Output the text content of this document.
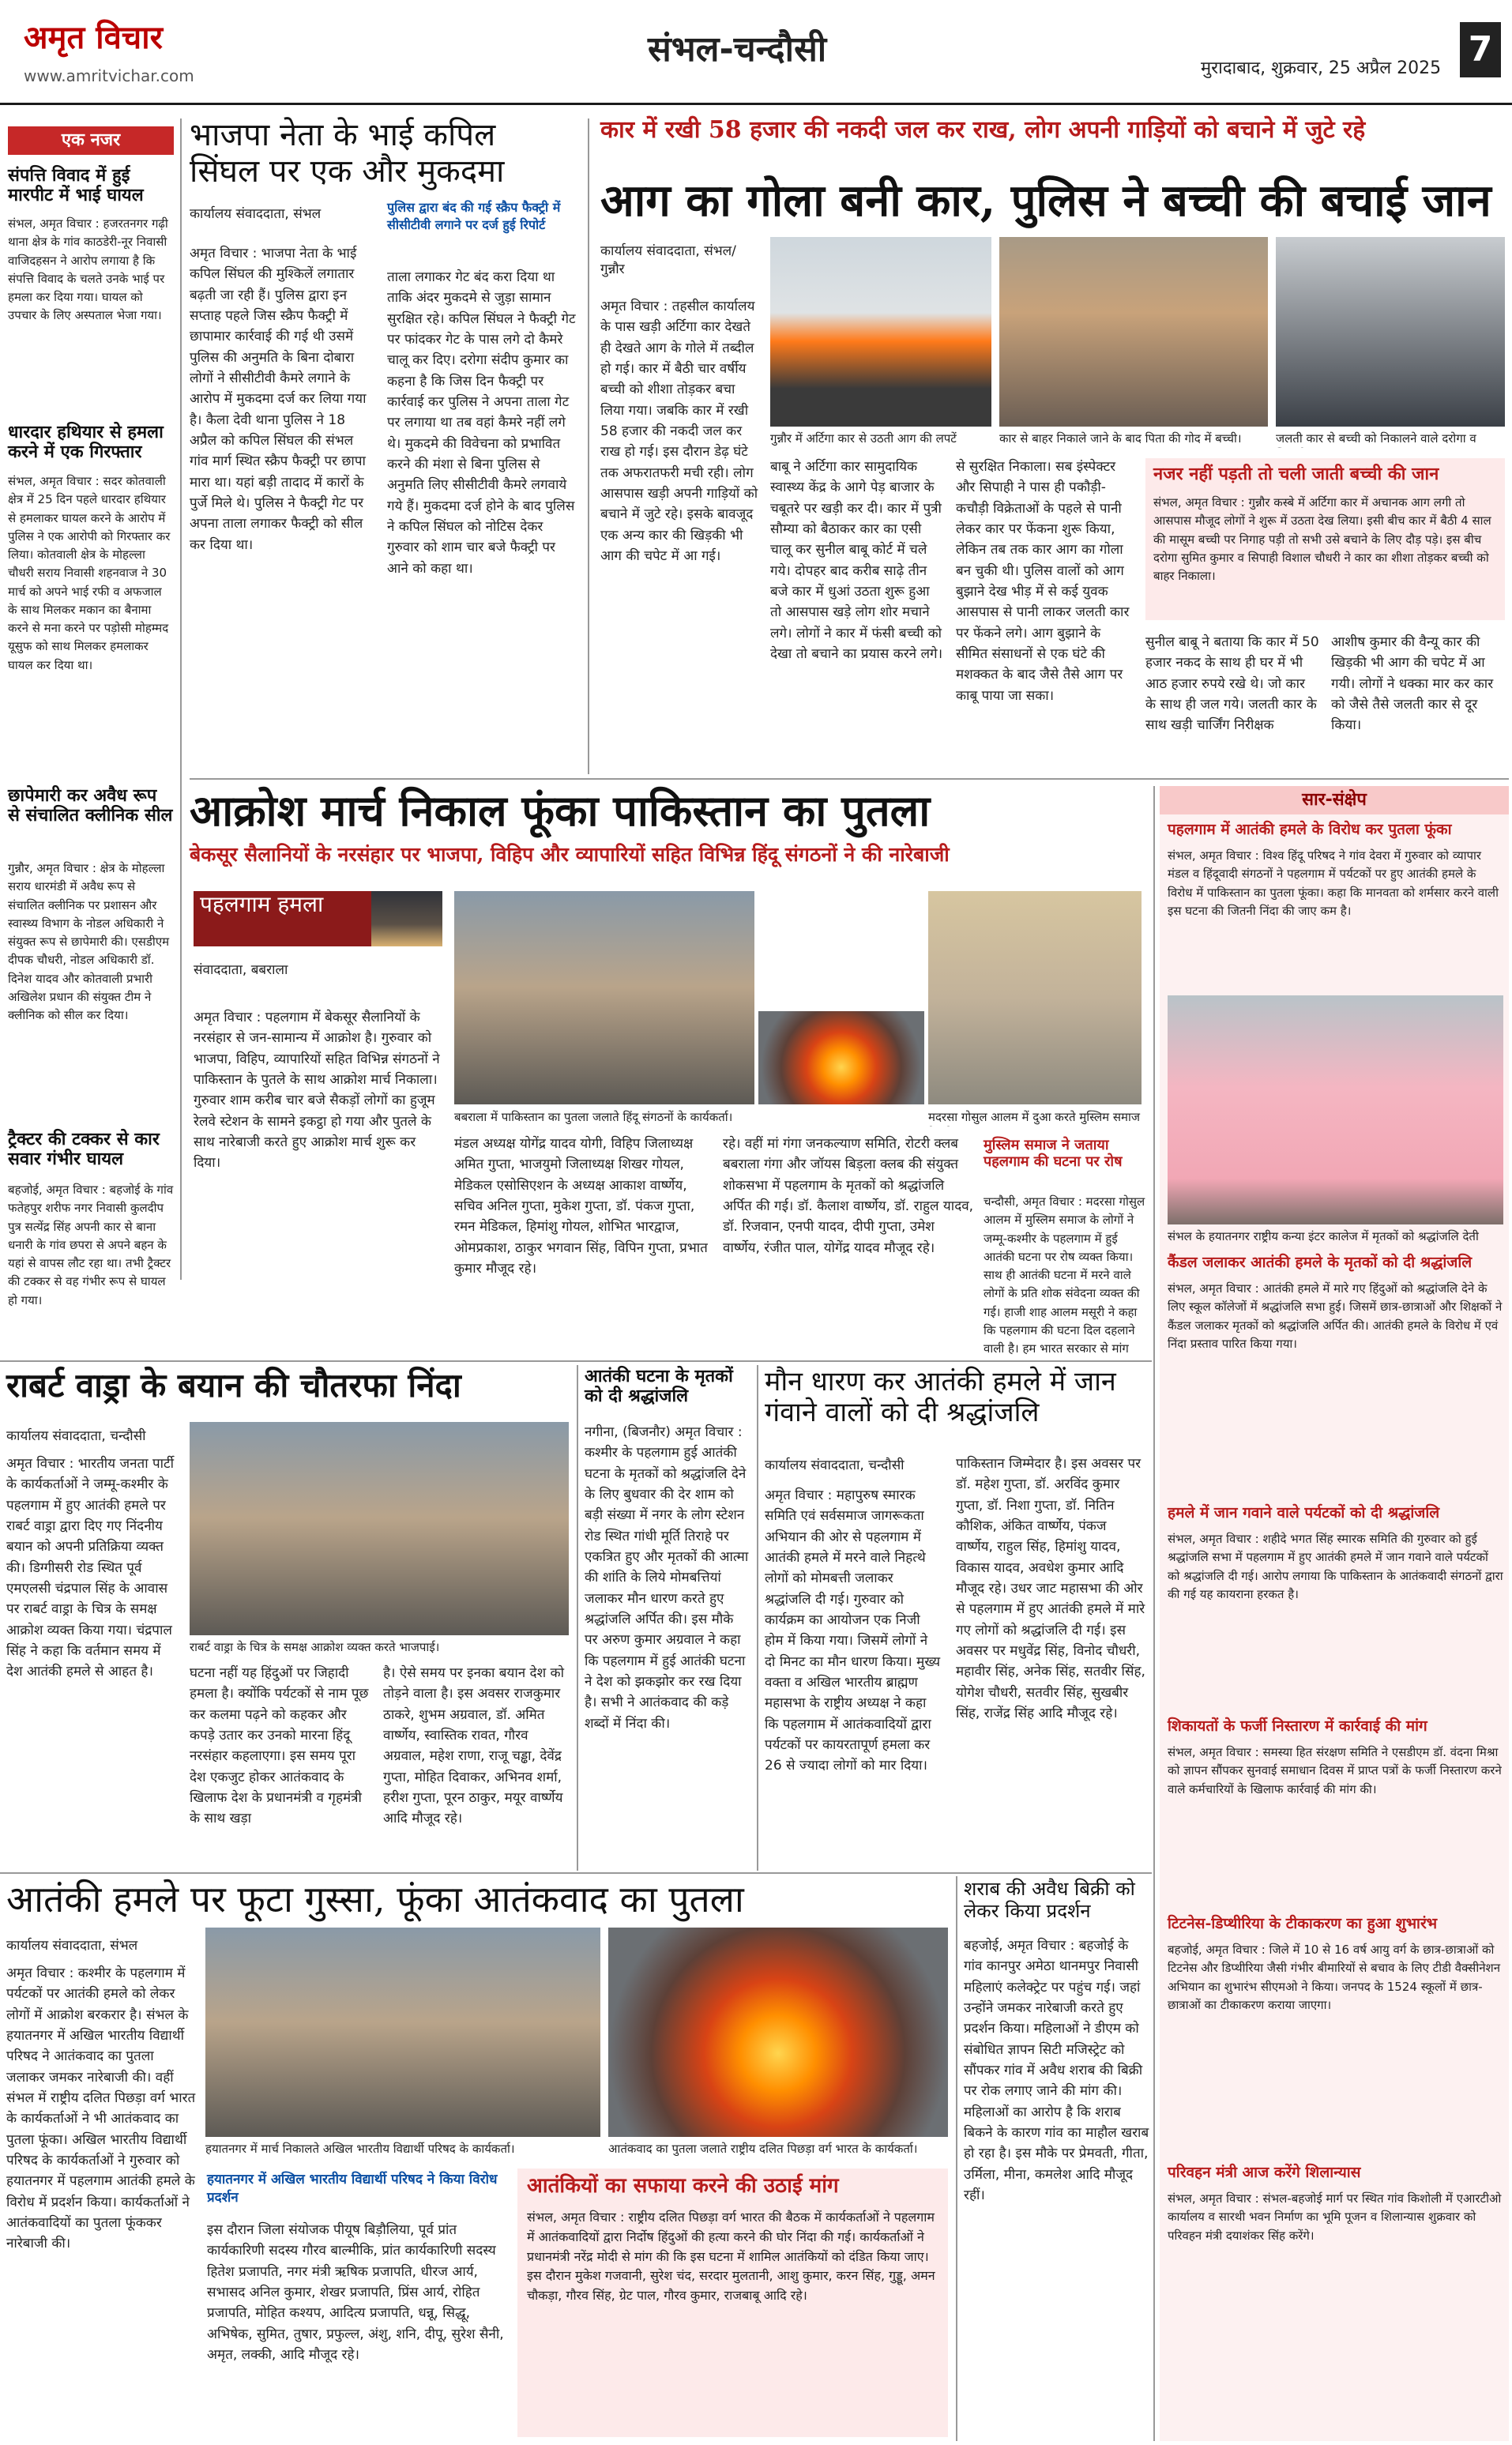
अमृत विचार
www.amritvichar.com
संभल-चन्दौसी	मुरादाबाद, शुक्रवार, 25 अप्रैल 2025 7
एक नजर
संपत्ति विवाद में हुई मारपीट में भाई घायल
संभल, अमृत विचार : हजरतनगर गढ़ी थाना क्षेत्र के गांव काठडेरी-नूर निवासी वाजिदहसन ने आरोप लगाया है कि संपत्ति विवाद के चलते उनके भाई पर हमला कर दिया गया। घायल को उपचार के लिए अस्पताल भेजा गया।
धारदार हथियार से हमला करने में एक गिरफ्तार
संभल, अमृत विचार : सदर कोतवाली क्षेत्र में 25 दिन पहले धारदार हथियार से हमलाकर घायल करने के आरोप में पुलिस ने एक आरोपी को गिरफ्तार कर लिया। कोतवाली क्षेत्र के मोहल्ला चौधरी सराय निवासी शहनवाज ने 30 मार्च को अपने भाई रफी व अफजाल के साथ मिलकर मकान का बैनामा करने से मना करने पर पड़ोसी मोहम्मद यूसुफ को साथ मिलकर हमलाकर घायल कर दिया था।
छापेमारी कर अवैध रूप से संचालित क्लीनिक सील
गुन्नौर, अमृत विचार : क्षेत्र के मोहल्ला सराय धारमंडी में अवैध रूप से संचालित क्लीनिक पर प्रशासन और स्वास्थ्य विभाग के नोडल अधिकारी ने संयुक्त रूप से छापेमारी की। एसडीएम दीपक चौधरी, नोडल अधिकारी डॉ. दिनेश यादव और कोतवाली प्रभारी अखिलेश प्रधान की संयुक्त टीम ने क्लीनिक को सील कर दिया।
ट्रैक्टर की टक्कर से कार सवार गंभीर घायल
बहजोई, अमृत विचार : बहजोई के गांव फतेहपुर शरीफ नगर निवासी कुलदीप पुत्र सत्येंद्र सिंह अपनी कार से बाना धनारी के गांव छपरा से अपने बहन के यहां से वापस लौट रहा था। तभी ट्रैक्टर की टक्कर से वह गंभीर रूप से घायल हो गया।
भाजपा नेता के भाई कपिल सिंघल पर एक और मुकदमा
कार्यालय संवाददाता, संभल	पुलिस द्वारा बंद की गई स्क्रैप फैक्ट्री में सीसीटीवी लगाने पर दर्ज हुई रिपोर्ट
अमृत विचार : भाजपा नेता के भाई कपिल सिंघल की मुश्किलें लगातार बढ़ती जा रही हैं। पुलिस द्वारा इन सप्ताह पहले जिस स्क्रैप फैक्ट्री में छापामार कार्रवाई की गई थी उसमें पुलिस की अनुमति के बिना दोबारा लोगों ने सीसीटीवी कैमरे लगाने के आरोप में मुकदमा दर्ज कर लिया गया है। कैला देवी थाना पुलिस ने 18 अप्रैल को कपिल सिंघल की संभल गांव मार्ग स्थित स्क्रैप फैक्ट्री पर छापा मारा था। यहां बड़ी तादाद में कारों के पुर्जे मिले थे। पुलिस ने फैक्ट्री गेट पर अपना ताला लगाकर फैक्ट्री को सील कर दिया था।
ताला लगाकर गेट बंद करा दिया था ताकि अंदर मुकदमे से जुड़ा सामान सुरक्षित रहे। कपिल सिंघल ने फैक्ट्री गेट पर फांदकर गेट के पास लगे दो कैमरे चालू कर दिए। दरोगा संदीप कुमार का कहना है कि जिस दिन फैक्ट्री पर कार्रवाई कर पुलिस ने अपना ताला गेट पर लगाया था तब वहां कैमरे नहीं लगे थे। मुकदमे की विवेचना को प्रभावित करने की मंशा से बिना पुलिस से अनुमति लिए सीसीटीवी कैमरे लगवाये गये हैं। मुकदमा दर्ज होने के बाद पुलिस ने कपिल सिंघल को नोटिस देकर गुरुवार को शाम चार बजे फैक्ट्री पर आने को कहा था।
कार में रखी 58 हजार की नकदी जल कर राख, लोग अपनी गाड़ियों को बचाने में जुटे रहे
आग का गोला बनी कार, पुलिस ने बच्ची की बचाई जान
कार्यालय संवाददाता, संभल/गुन्नौर
अमृत विचार : तहसील कार्यालय के पास खड़ी अर्टिगा कार देखते ही देखते आग के गोले में तब्दील हो गई। कार में बैठी चार वर्षीय बच्ची को शीशा तोड़कर बचा लिया गया। जबकि कार में रखी 58 हजार की नकदी जल कर राख हो गई। इस दौरान डेढ़ घंटे तक अफरातफरी मची रही। लोग आसपास खड़ी अपनी गाड़ियों को बचाने में जुटे रहे। इसके बावजूद एक अन्य कार की खिड़की भी आग की चपेट में आ गई।
गुन्नौर में अर्टिगा कार से उठती आग की लपटें	कार से बाहर निकाले जाने के बाद पिता की गोद में बच्ची।	जलती कार से बच्ची को निकालने वाले दरोगा व
बाबू ने अर्टिगा कार सामुदायिक स्वास्थ्य केंद्र के आगे पेड़ बाजार के चबूतरे पर खड़ी कर दी। कार में पुत्री सौम्या को बैठाकर कार का एसी चालू कर सुनील बाबू कोर्ट में चले गये। दोपहर बाद करीब साढ़े तीन बजे कार में धुआं उठता शुरू हुआ तो आसपास खड़े लोग शोर मचाने लगे। लोगों ने कार में फंसी बच्ची को देखा तो बचाने का प्रयास करने लगे।
से सुरक्षित निकाला। सब इंस्पेक्टर और सिपाही ने पास ही पकौड़ी-कचौड़ी विक्रेताओं के पहले से पानी लेकर कार पर फेंकना शुरू किया, लेकिन तब तक कार आग का गोला बन चुकी थी। पुलिस वालों को आग बुझाने देख भीड़ में से कई युवक आसपास से पानी लाकर जलती कार पर फेंकने लगे। आग बुझाने के सीमित संसाधनों से एक घंटे की मशक्कत के बाद जैसे तैसे आग पर काबू पाया जा सका।
नजर नहीं पड़ती तो चली जाती बच्ची की जान
संभल, अमृत विचार : गुन्नौर कस्बे में अर्टिगा कार में अचानक आग लगी तो आसपास मौजूद लोगों ने शुरू में उठता देख लिया। इसी बीच कार में बैठी 4 साल की मासूम बच्ची पर निगाह पड़ी तो सभी उसे बचाने के लिए दौड़ पड़े। इस बीच दरोगा सुमित कुमार व सिपाही विशाल चौधरी ने कार का शीशा तोड़कर बच्ची को बाहर निकाला।
सुनील बाबू ने बताया कि कार में 50 हजार नकद के साथ ही घर में भी आठ हजार रुपये रखे थे। जो कार के साथ ही जल गये। जलती कार के साथ खड़ी चार्जिंग निरीक्षक
आशीष कुमार की वैन्यू कार की खिड़की भी आग की चपेट में आ गयी। लोगों ने धक्का मार कर कार को जैसे तैसे जलती कार से दूर किया।
आक्रोश मार्च निकाल फूंका पाकिस्तान का पुतला
बेकसूर सैलानियों के नरसंहार पर भाजपा, विहिप और व्यापारियों सहित विभिन्न हिंदू संगठनों ने की नारेबाजी
पहलगाम हमला
संवाददाता, बबराला
बबराला में पाकिस्तान का पुतला जलाते हिंदू संगठनों के कार्यकर्ता।
अमृत विचार : पहलगाम में बेकसूर सैलानियों के नरसंहार से जन-सामान्य में आक्रोश है। गुरुवार को भाजपा, विहिप, व्यापारियों सहित विभिन्न संगठनों ने पाकिस्तान के पुतले के साथ आक्रोश मार्च निकाला। गुरुवार शाम करीब चार बजे सैकड़ों लोगों का हुजूम रेलवे स्टेशन के सामने इकट्ठा हो गया और पुतले के साथ नारेबाजी करते हुए आक्रोश मार्च शुरू कर दिया।
मंडल अध्यक्ष योगेंद्र यादव योगी, विहिप जिलाध्यक्ष अमित गुप्ता, भाजयुमो जिलाध्यक्ष शिखर गोयल, मेडिकल एसोसिएशन के अध्यक्ष आकाश वार्ष्णेय, सचिव अनिल गुप्ता, मुकेश गुप्ता, डॉ. पंकज गुप्ता, रमन मेडिकल, हिमांशु गोयल, शोभित भारद्वाज, ओमप्रकाश, ठाकुर भगवान सिंह, विपिन गुप्ता, प्रभात कुमार मौजूद रहे।
रहे। वहीं मां गंगा जनकल्याण समिति, रोटरी क्लब बबराला गंगा और जॉयस बिड़ला क्लब की संयुक्त शोकसभा में पहलगाम के मृतकों को श्रद्धांजलि अर्पित की गई। डॉ. कैलाश वार्ष्णेय, डॉ. राहुल यादव, डॉ. रिजवान, एनपी यादव, दीपी गुप्ता, उमेश वार्ष्णेय, रंजीत पाल, योगेंद्र यादव मौजूद रहे।
मदरसा गोसुल आलम में दुआ करते मुस्लिम समाज
मुस्लिम समाज ने जताया पहलगाम की घटना पर रोष
चन्दौसी, अमृत विचार : मदरसा गोसुल आलम में मुस्लिम समाज के लोगों ने जम्मू-कश्मीर के पहलगाम में हुई आतंकी घटना पर रोष व्यक्त किया। साथ ही आतंकी घटना में मरने वाले लोगों के प्रति शोक संवेदना व्यक्त की गई। हाजी शाह आलम मसूरी ने कहा कि पहलगाम की घटना दिल दहलाने वाली है। हम भारत सरकार से मांग
सार-संक्षेप
पहलगाम में आतंकी हमले के विरोध कर पुतला फूंका
संभल, अमृत विचार : विश्व हिंदू परिषद ने गांव देवरा में गुरुवार को व्यापार मंडल व हिंदूवादी संगठनों ने पहलगाम में पर्यटकों पर हुए आतंकी हमले के विरोध में पाकिस्तान का पुतला फूंका। कहा कि मानवता को शर्मसार करने वाली इस घटना की जितनी निंदा की जाए कम है।
संभल के हयातनगर राष्ट्रीय कन्या इंटर कालेज में मृतकों को श्रद्धांजलि देती
कैंडल जलाकर आतंकी हमले के मृतकों को दी श्रद्धांजलि
संभल, अमृत विचार : आतंकी हमले में मारे गए हिंदुओं को श्रद्धांजलि देने के लिए स्कूल कॉलेजों में श्रद्धांजलि सभा हुई। जिसमें छात्र-छात्राओं और शिक्षकों ने कैंडल जलाकर मृतकों को श्रद्धांजलि अर्पित की। आतंकी हमले के विरोध में एवं निंदा प्रस्ताव पारित किया गया।
हमले में जान गवाने वाले पर्यटकों को दी श्रद्धांजलि
संभल, अमृत विचार : शहीदे भगत सिंह स्मारक समिति की गुरुवार को हुई श्रद्धांजलि सभा में पहलगाम में हुए आतंकी हमले में जान गवाने वाले पर्यटकों को श्रद्धांजलि दी गई। आरोप लगाया कि पाकिस्तान के आतंकवादी संगठनों द्वारा की गई यह कायराना हरकत है।
शिकायतों के फर्जी निस्तारण में कार्रवाई की मांग
संभल, अमृत विचार : समस्या हित संरक्षण समिति ने एसडीएम डॉ. वंदना मिश्रा को ज्ञापन सौंपकर सुनवाई समाधान दिवस में प्राप्त पत्रों के फर्जी निस्तारण करने वाले कर्मचारियों के खिलाफ कार्रवाई की मांग की।
टिटनेस-डिप्थीरिया के टीकाकरण का हुआ शुभारंभ
बहजोई, अमृत विचार : जिले में 10 से 16 वर्ष आयु वर्ग के छात्र-छात्राओं को टिटनेस और डिप्थीरिया जैसी गंभीर बीमारियों से बचाव के लिए टीडी वैक्सीनेशन अभियान का शुभारंभ सीएमओ ने किया। जनपद के 1524 स्कूलों में छात्र-छात्राओं का टीकाकरण कराया जाएगा।
परिवहन मंत्री आज करेंगे शिलान्यास
संभल, अमृत विचार : संभल-बहजोई मार्ग पर स्थित गांव किशोली में एआरटीओ कार्यालय व सारथी भवन निर्माण का भूमि पूजन व शिलान्यास शुक्रवार को परिवहन मंत्री दयाशंकर सिंह करेंगे।
राबर्ट वाड्रा के बयान की चौतरफा निंदा
कार्यालय संवाददाता, चन्दौसी
अमृत विचार : भारतीय जनता पार्टी के कार्यकर्ताओं ने जम्मू-कश्मीर के पहलगाम में हुए आतंकी हमले पर राबर्ट वाड्रा द्वारा दिए गए निंदनीय बयान को अपनी प्रतिक्रिया व्यक्त की। डिग्गीसरी रोड स्थित पूर्व एमएलसी चंद्रपाल सिंह के आवास पर राबर्ट वाड्रा के चित्र के समक्ष आक्रोश व्यक्त किया गया। चंद्रपाल सिंह ने कहा कि वर्तमान समय में देश आतंकी हमले से आहत है।
राबर्ट वाड्रा के चित्र के समक्ष आक्रोश व्यक्त करते भाजपाई।
घटना नहीं यह हिंदुओं पर जिहादी हमला है। क्योंकि पर्यटकों से नाम पूछ कर कलमा पढ़ने को कहकर और कपड़े उतार कर उनको मारना हिंदू नरसंहार कहलाएगा। इस समय पूरा देश एकजुट होकर आतंकवाद के खिलाफ देश के प्रधानमंत्री व गृहमंत्री के साथ खड़ा
है। ऐसे समय पर इनका बयान देश को तोड़ने वाला है। इस अवसर राजकुमार ठाकरे, शुभम अग्रवाल, डॉ. अमित वार्ष्णेय, स्वास्तिक रावत, गौरव अग्रवाल, महेश राणा, राजू चड्ढा, देवेंद्र गुप्ता, मोहित दिवाकर, अभिनव शर्मा, हरीश गुप्ता, पूरन ठाकुर, मयूर वार्ष्णेय आदि मौजूद रहे।
आतंकी घटना के मृतकों को दी श्रद्धांजलि
नगीना, (बिजनौर) अमृत विचार : कश्मीर के पहलगाम हुई आतंकी घटना के मृतकों को श्रद्धांजलि देने के लिए बुधवार की देर शाम को बड़ी संख्या में नगर के लोग स्टेशन रोड स्थित गांधी मूर्ति तिराहे पर एकत्रित हुए और मृतकों की आत्मा की शांति के लिये मोमबत्तियां जलाकर मौन धारण करते हुए श्रद्धांजलि अर्पित की। इस मौके पर अरुण कुमार अग्रवाल ने कहा कि पहलगाम में हुई आतंकी घटना ने देश को झकझोर कर रख दिया है। सभी ने आतंकवाद की कड़े शब्दों में निंदा की।
मौन धारण कर आतंकी हमले में जान गंवाने वालों को दी श्रद्धांजलि
कार्यालय संवाददाता, चन्दौसी
अमृत विचार : महापुरुष स्मारक समिति एवं सर्वसमाज जागरूकता अभियान की ओर से पहलगाम में आतंकी हमले में मरने वाले निहत्थे लोगों को मोमबत्ती जलाकर श्रद्धांजलि दी गई। गुरुवार को कार्यक्रम का आयोजन एक निजी होम में किया गया। जिसमें लोगों ने दो मिनट का मौन धारण किया। मुख्य वक्ता व अखिल भारतीय ब्राह्मण महासभा के राष्ट्रीय अध्यक्ष ने कहा कि पहलगाम में आतंकवादियों द्वारा पर्यटकों पर कायरतापूर्ण हमला कर 26 से ज्यादा लोगों को मार दिया।
पाकिस्तान जिम्मेदार है। इस अवसर पर डॉ. महेश गुप्ता, डॉ. अरविंद कुमार गुप्ता, डॉ. निशा गुप्ता, डॉ. नितिन कौशिक, अंकित वार्ष्णेय, पंकज वार्ष्णेय, राहुल सिंह, हिमांशु यादव, विकास यादव, अवधेश कुमार आदि मौजूद रहे। उधर जाट महासभा की ओर से पहलगाम में हुए आतंकी हमले में मारे गए लोगों को श्रद्धांजलि दी गई। इस अवसर पर मधुवेंद्र सिंह, विनोद चौधरी, महावीर सिंह, अनेक सिंह, सतवीर सिंह, योगेश चौधरी, सतवीर सिंह, सुखबीर सिंह, राजेंद्र सिंह आदि मौजूद रहे।
आतंकी हमले पर फूटा गुस्सा, फूंका आतंकवाद का पुतला
कार्यालय संवाददाता, संभल
अमृत विचार : कश्मीर के पहलगाम में पर्यटकों पर आतंकी हमले को लेकर लोगों में आक्रोश बरकरार है। संभल के हयातनगर में अखिल भारतीय विद्यार्थी परिषद ने आतंकवाद का पुतला जलाकर जमकर नारेबाजी की। वहीं संभल में राष्ट्रीय दलित पिछड़ा वर्ग भारत के कार्यकर्ताओं ने भी आतंकवाद का पुतला फूंका। अखिल भारतीय विद्यार्थी परिषद के कार्यकर्ताओं ने गुरुवार को हयातनगर में पहलगाम आतंकी हमले के विरोध में प्रदर्शन किया। कार्यकर्ताओं ने आतंकवादियों का पुतला फूंककर नारेबाजी की।
हयातनगर में मार्च निकालते अखिल भारतीय विद्यार्थी परिषद के कार्यकर्ता।	आतंकवाद का पुतला जलाते राष्ट्रीय दलित पिछड़ा वर्ग भारत के कार्यकर्ता।
हयातनगर में अखिल भारतीय विद्यार्थी परिषद ने किया विरोध प्रदर्शन
इस दौरान जिला संयोजक पीयूष बिड़ौलिया, पूर्व प्रांत कार्यकारिणी सदस्य गौरव बाल्मीकि, प्रांत कार्यकारिणी सदस्य हितेश प्रजापति, नगर मंत्री ऋषिक प्रजापति, धीरज आर्य, सभासद अनिल कुमार, शेखर प्रजापति, प्रिंस आर्य, रोहित प्रजापति, मोहित कश्यप, आदित्य प्रजापति, धन्नू, सिद्धू, अभिषेक, सुमित, तुषार, प्रफुल्ल, अंशु, शनि, दीपू, सुरेश सैनी, अमृत, लक्की, आदि मौजूद रहे।
आतंकियों का सफाया करने की उठाई मांग
संभल, अमृत विचार : राष्ट्रीय दलित पिछड़ा वर्ग भारत की बैठक में कार्यकर्ताओं ने पहलगाम में आतंकवादियों द्वारा निर्दोष हिंदुओं की हत्या करने की घोर निंदा की गई। कार्यकर्ताओं ने प्रधानमंत्री नरेंद्र मोदी से मांग की कि इस घटना में शामिल आतंकियों को दंडित किया जाए। इस दौरान मुकेश गजवानी, सुरेश चंद, सरदार मुलतानी, आशु कुमार, करन सिंह, गुड्डू, अमन चौकड़ा, गौरव सिंह, ग्रेट पाल, गौरव कुमार, राजबाबू आदि रहे।
शराब की अवैध बिक्री को लेकर किया प्रदर्शन
बहजोई, अमृत विचार : बहजोई के गांव कानपुर अमेठा थानमपुर निवासी महिलाएं कलेक्ट्रेट पर पहुंच गई। जहां उन्होंने जमकर नारेबाजी करते हुए प्रदर्शन किया। महिलाओं ने डीएम को संबोधित ज्ञापन सिटी मजिस्ट्रेट को सौंपकर गांव में अवैध शराब की बिक्री पर रोक लगाए जाने की मांग की। महिलाओं का आरोप है कि शराब बिकने के कारण गांव का माहौल खराब हो रहा है। इस मौके पर प्रेमवती, गीता, उर्मिला, मीना, कमलेश आदि मौजूद रहीं।
